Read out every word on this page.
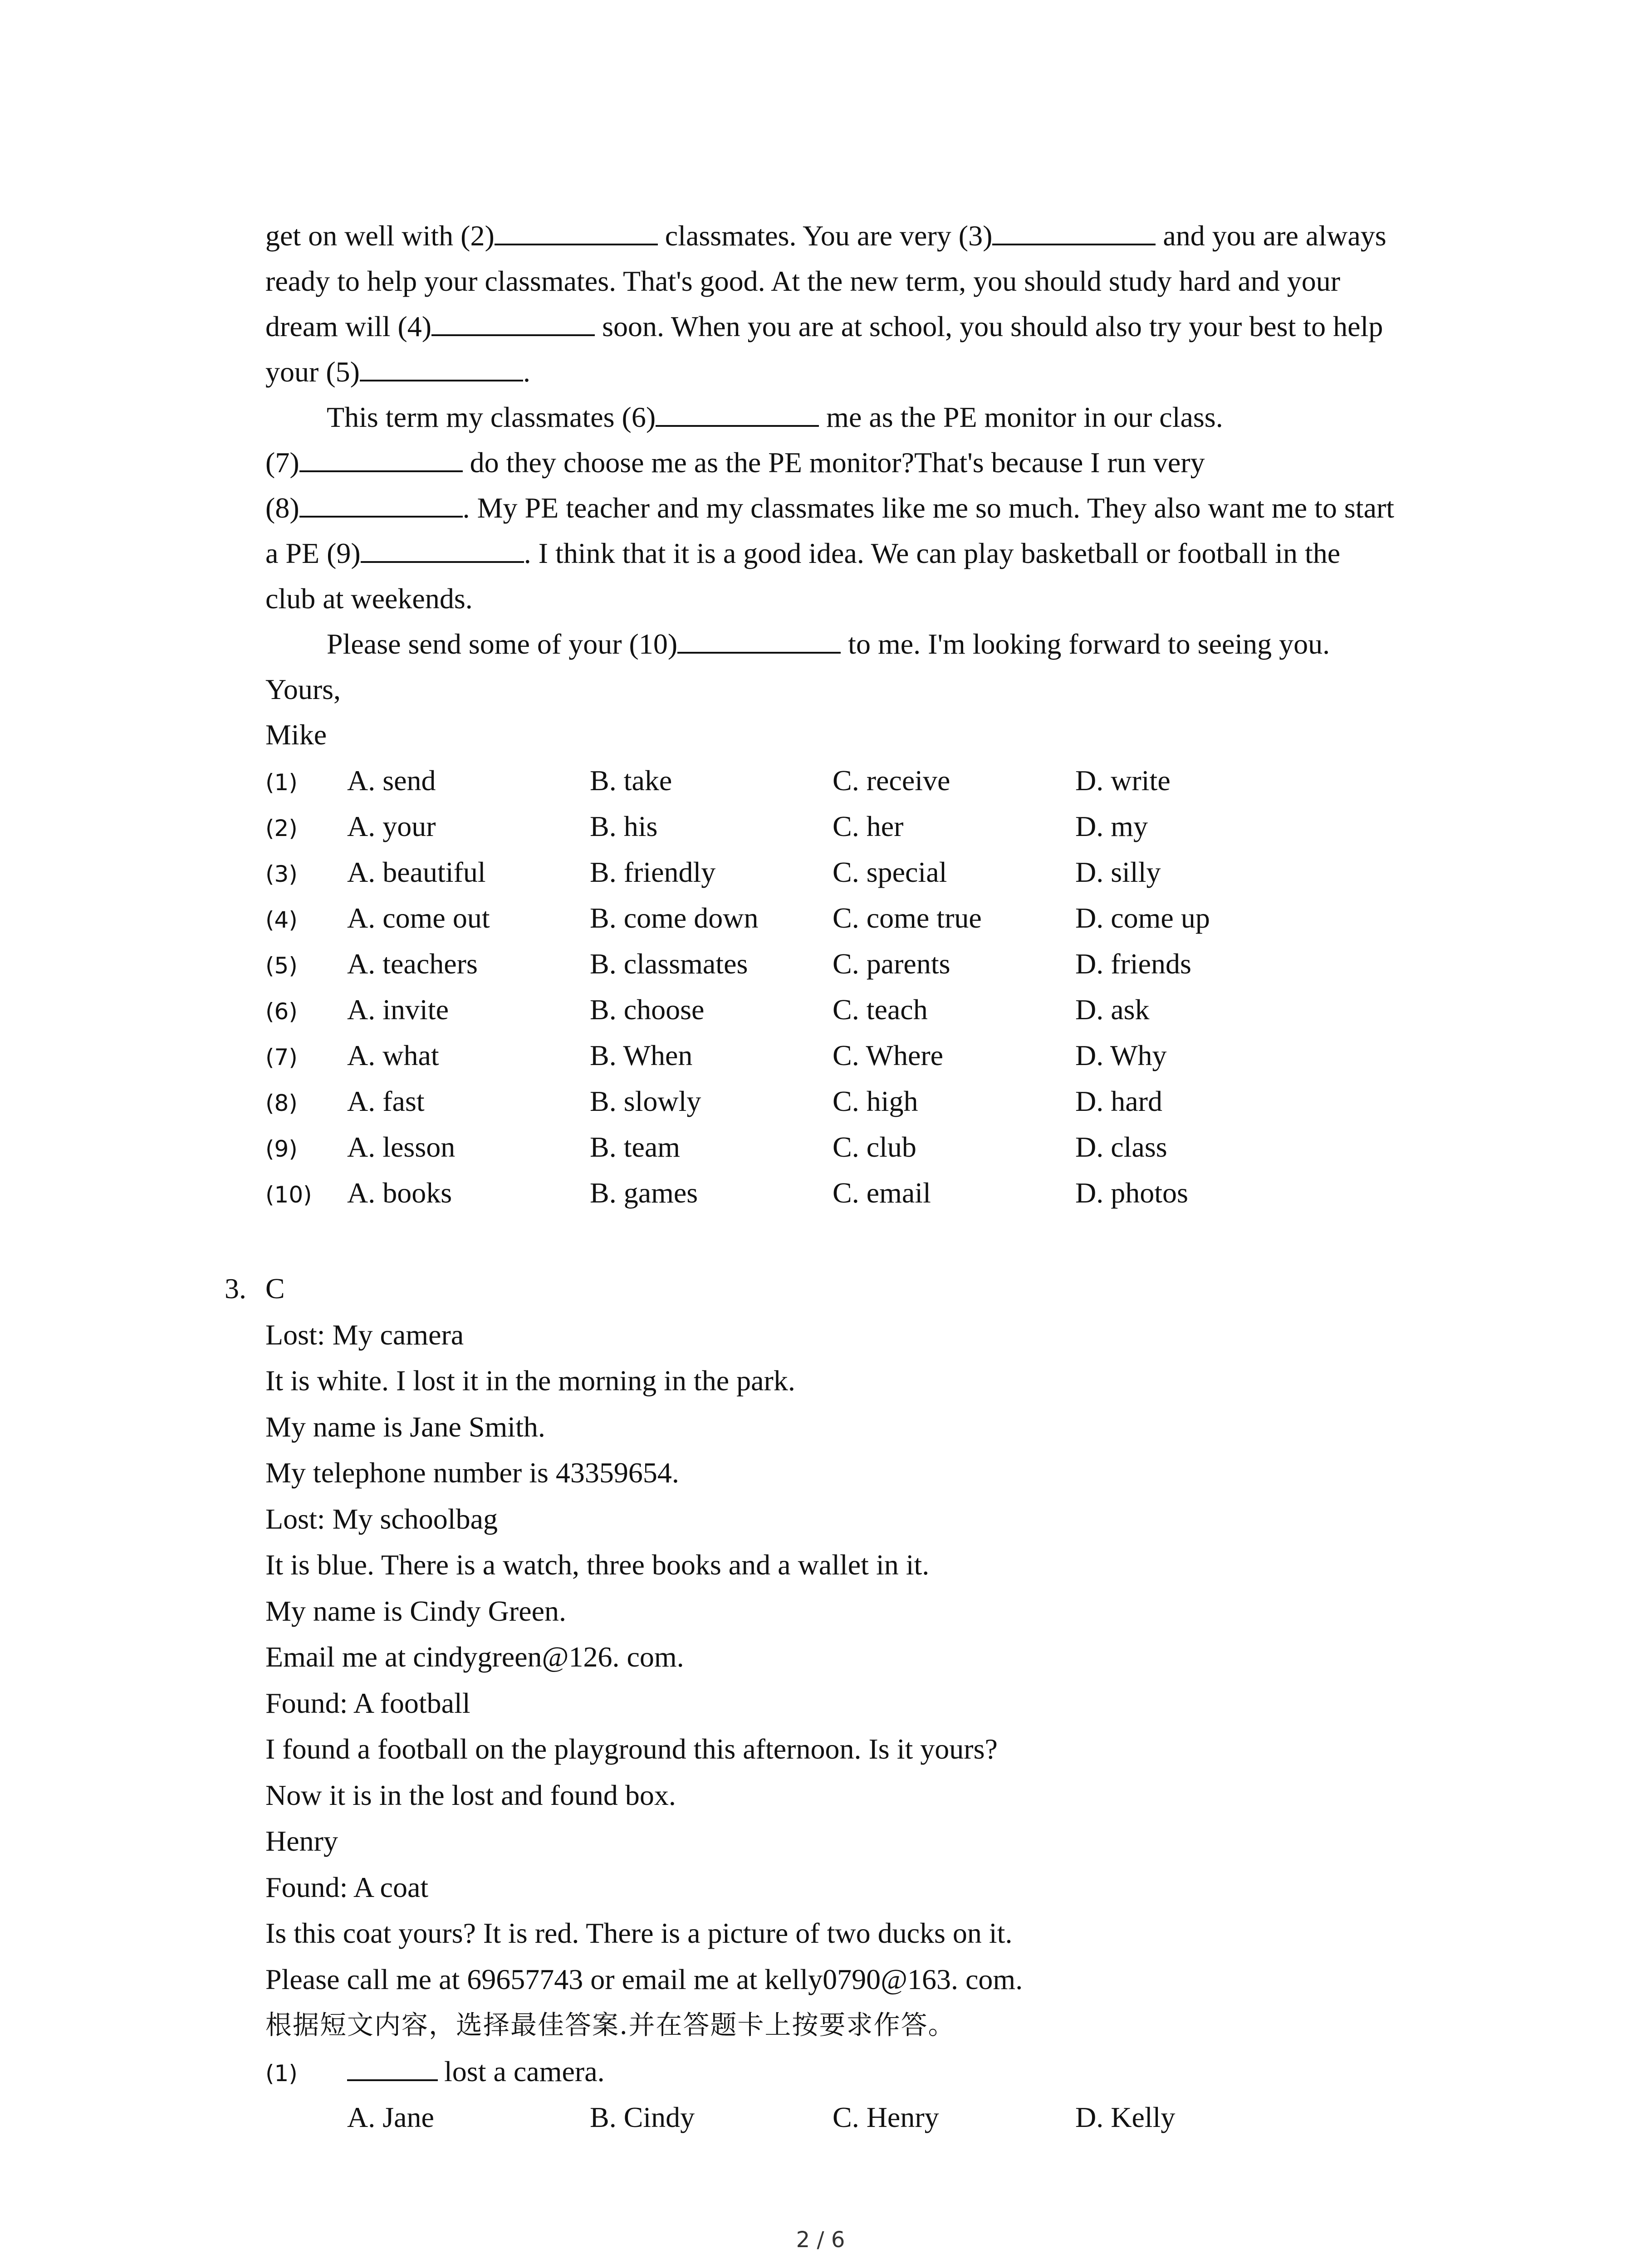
get on well with (2)	classmates. You are very (3)	and you are always

ready to help your classmates. That's good. At the new term, you should study hard and your

dream will (4)	soon. When you are at school, you should also try your best to help

your (5)	.

This term my classmates (6)	me as the PE monitor in our class.

(7)	do they choose me as the PE monitor?That's because I run very

(8)	. My PE teacher and my classmates like me so much. They also want me to start

a PE (9)	. I think that it is a good idea. We can play basketball or football in the

club at weekends.

Please send some of your (10)	to me. I'm looking forward to seeing you.

Yours,

Mike

(1)	A. send	B. take	C. receive	D. write
(2)	A. your	B. his	C. her	D. my
(3)	A. beautiful	B. friendly	C. special	D. silly
(4)	A. come out	B. come down	C. come true	D. come up
(5)	A. teachers	B. classmates	C. parents	D. friends
(6)	A. invite	B. choose	C. teach	D. ask
(7)	A. what	B. When	C. Where	D. Why
(8)	A. fast	B. slowly	C. high	D. hard
(9)	A. lesson	B. team	C. club	D. class
(10)	A. books	B. games	C. email	D. photos
3. C
Lost: My camera
It is white. I lost it in the morning in the park.
My name is Jane Smith.
My telephone number is 43359654.
Lost: My schoolbag
It is blue. There is a watch, three books and a wallet in it.
My name is Cindy Green.
Email me at cindygreen@126. com.
Found: A football
I found a football on the playground this afternoon. Is it yours?
Now it is in the lost and found box.
Henry
Found: A coat
Is this coat yours? It is red. There is a picture of two ducks on it.
Please call me at 69657743 or email me at kelly0790@163. com.
根据短文内容，选择最佳答案.并在答题卡上按要求作答。
(1)	lost a camera.
A. Jane	B. Cindy	C. Henry	D. Kelly
2 / 6
